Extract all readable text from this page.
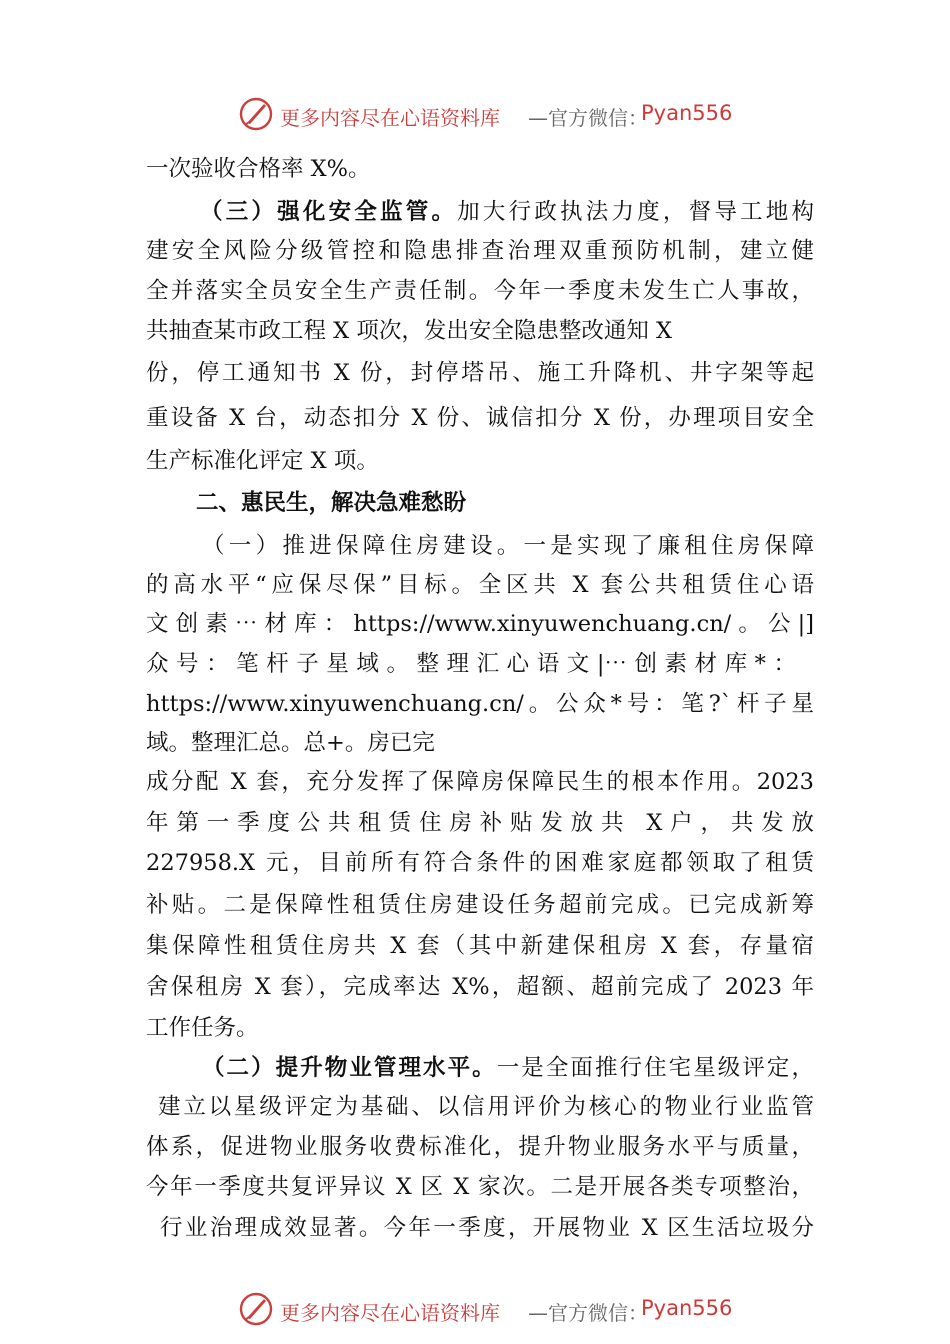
更多内容尽在心语资料库 —官方微信：
Pyan556
一次验收合格率 X%。
（三）强化安全监管。加大行政执法力度，督导工地构
建安全风险分级管控和隐患排查治理双重预防机制，建立健
全并落实全员安全生产责任制。今年一季度未发生亡人事故，
共抽查某市政工程 X 项次，发出安全隐患整改通知 X
份，停工通知书 X 份，封停塔吊、施工升降机、井字架等起
重设备 X 台，动态扣分 X 份、诚信扣分 X 份，办理项目安全
生产标准化评定 X 项。
二、惠民生，解决急难愁盼
（一）推进保障住房建设。一是实现了廉租住房保障
的高水平“应保尽保”目标。全区共 X 套公共租赁住心语
文创素⋯材库：https://www.xinyuwenchuang.cn/。公|]
众号：笔杆子星域。整理汇心语文|⋯创素材库*：
https://www.xinyuwenchuang.cn/。公众*号：笔?`杆子星
域。整理汇总。总+。房已完
成分配 X 套，充分发挥了保障房保障民生的根本作用。2023
年第一季度公共租赁住房补贴发放共 X户，共发放
227958.X 元，目前所有符合条件的困难家庭都领取了租赁
补贴。二是保障性租赁住房建设任务超前完成。已完成新筹
集保障性租赁住房共 X 套（其中新建保租房 X 套，存量宿
舍保租房 X 套），完成率达 X%，超额、超前完成了 2023 年
工作任务。
（二）提升物业管理水平。一是全面推行住宅星级评定，
建立以星级评定为基础、以信用评价为核心的物业行业监管
体系，促进物业服务收费标准化，提升物业服务水平与质量，
今年一季度共复评异议 X 区 X 家次。二是开展各类专项整治，
行业治理成效显著。今年一季度，开展物业 X 区生活垃圾分
更多内容尽在心语资料库 —官方微信：
Pyan556
